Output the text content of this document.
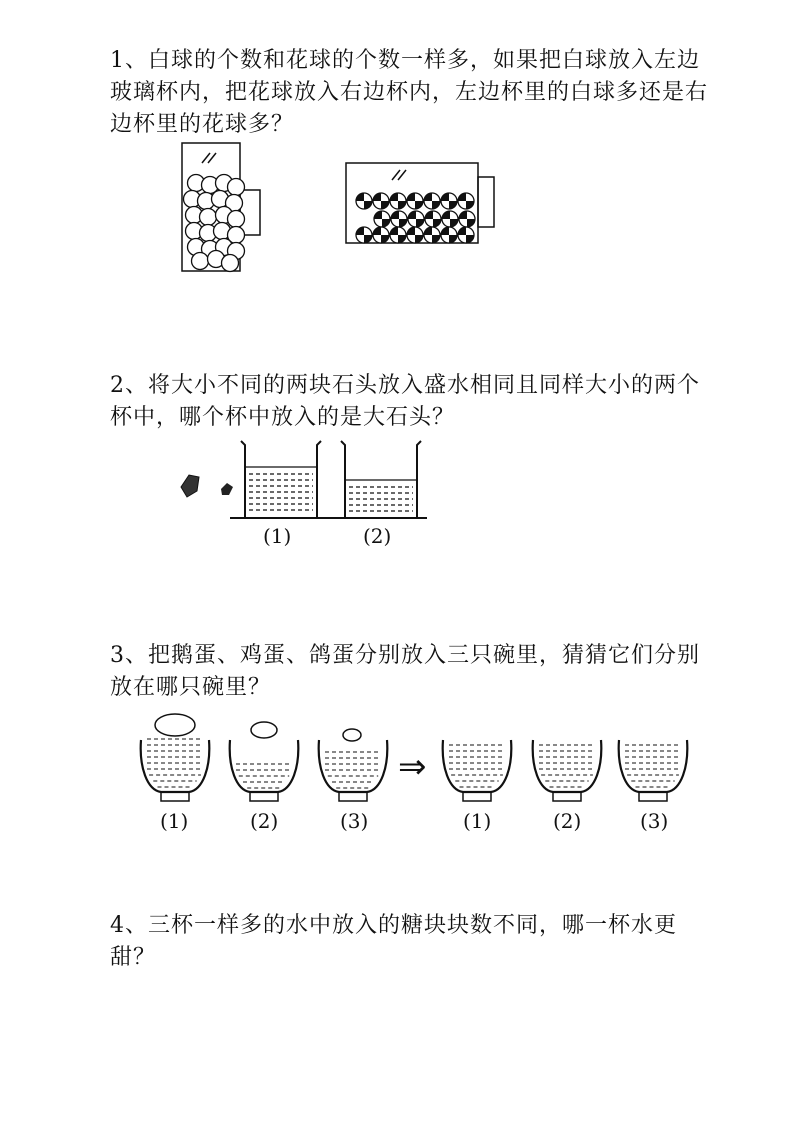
1、白球的个数和花球的个数一样多，如果把白球放入左边玻璃杯内，把花球放入右边杯内，左边杯里的白球多还是右边杯里的花球多？

2、将大小不同的两块石头放入盛水相同且同样大小的两个杯中，哪个杯中放入的是大石头？

(1)	(2)

3、把鹅蛋、鸡蛋、鸽蛋分别放入三只碗里，猜猜它们分别放在哪只碗里？

⇒
(1)	(2)	(3)	(1)	(2)	(3)

4、三杯一样多的水中放入的糖块块数不同，哪一杯水更甜？
